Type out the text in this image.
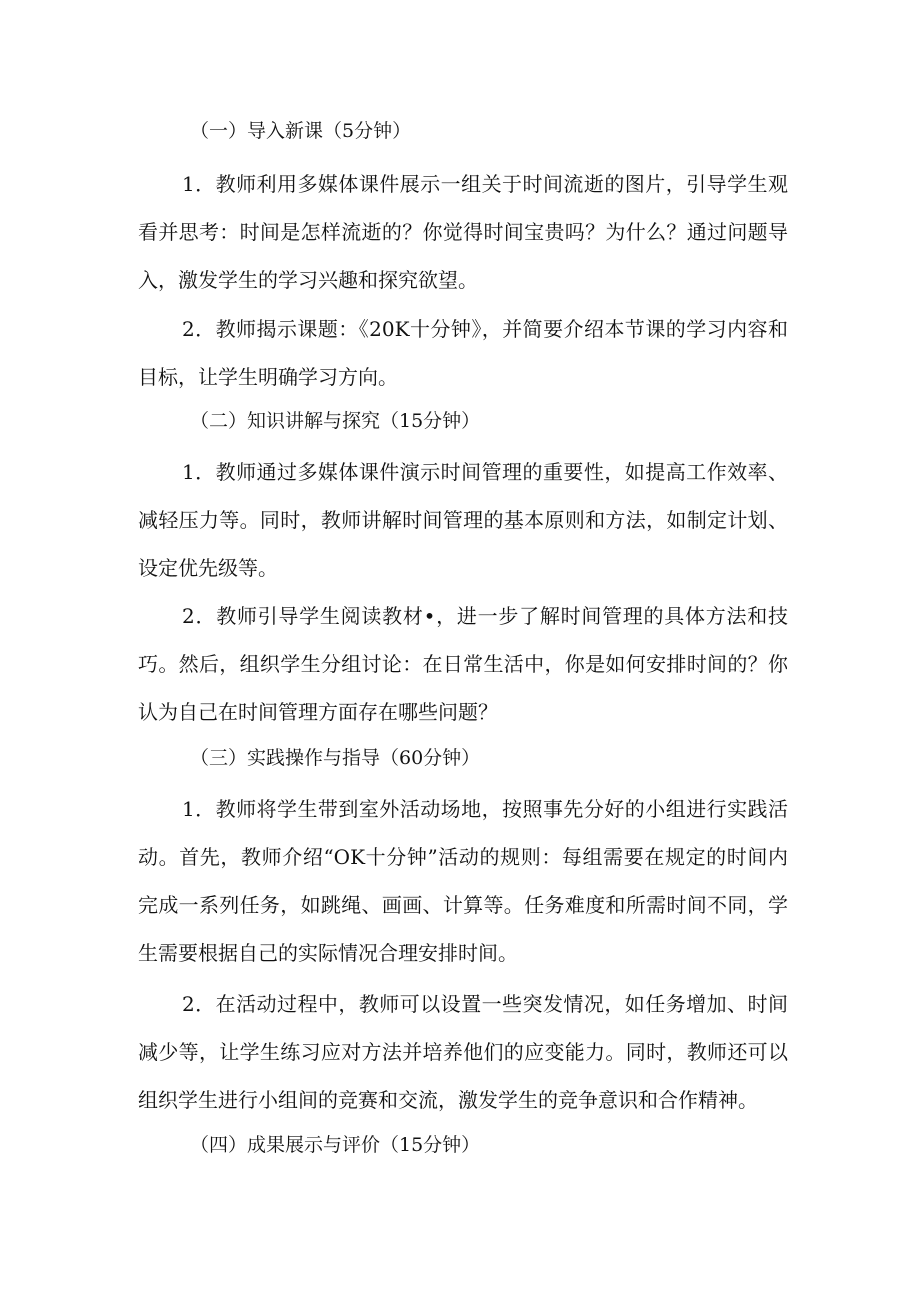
（一）导入新课（5分钟）
1．教师利用多媒体课件展示一组关于时间流逝的图片，引导学生观看并思考：时间是怎样流逝的？你觉得时间宝贵吗？为什么？通过问题导入，激发学生的学习兴趣和探究欲望。
2．教师揭示课题：《20K十分钟》，并简要介绍本节课的学习内容和目标，让学生明确学习方向。
（二）知识讲解与探究（15分钟）
1．教师通过多媒体课件演示时间管理的重要性，如提高工作效率、减轻压力等。同时，教师讲解时间管理的基本原则和方法，如制定计划、设定优先级等。
2．教师引导学生阅读教材•，进一步了解时间管理的具体方法和技巧。然后，组织学生分组讨论：在日常生活中，你是如何安排时间的？你认为自己在时间管理方面存在哪些问题？
（三）实践操作与指导（60分钟）
1．教师将学生带到室外活动场地，按照事先分好的小组进行实践活动。首先，教师介绍“OK十分钟”活动的规则：每组需要在规定的时间内完成一系列任务，如跳绳、画画、计算等。任务难度和所需时间不同，学生需要根据自己的实际情况合理安排时间。
2．在活动过程中，教师可以设置一些突发情况，如任务增加、时间减少等，让学生练习应对方法并培养他们的应变能力。同时，教师还可以组织学生进行小组间的竞赛和交流，激发学生的竞争意识和合作精神。
（四）成果展示与评价（15分钟）
